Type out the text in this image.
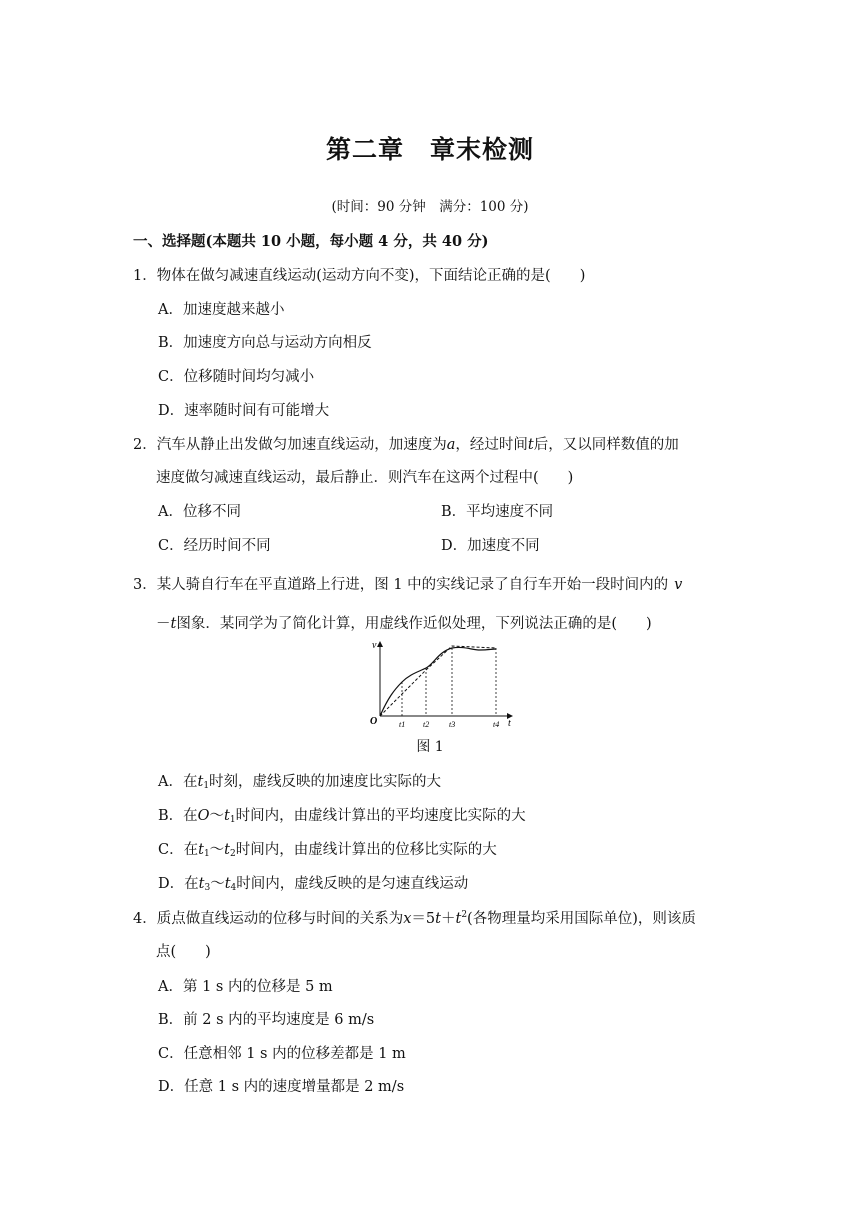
第二章　章末检测
(时间：90 分钟　满分：100 分)
一、选择题(本题共 10 小题，每小题 4 分，共 40 分)
1．物体在做匀减速直线运动(运动方向不变)，下面结论正确的是(　　)
A．加速度越来越小
B．加速度方向总与运动方向相反
C．位移随时间均匀减小
D．速率随时间有可能增大
2．汽车从静止出发做匀加速直线运动，加速度为a，经过时间t后，又以同样数值的加
速度做匀减速直线运动，最后静止．则汽车在这两个过程中(　　)
A．位移不同	B．平均速度不同
C．经历时间不同	D．加速度不同
3．某人骑自行车在平直道路上行进，图 1 中的实线记录了自行车开始一段时间内的 v
－t图象．某同学为了简化计算，用虚线作近似处理，下列说法正确的是(　　)
v
t
O	t1 t2 t3	t4
图 1
A．在$t_1$时刻，虚线反映的加速度比实际的大
B．在$O\sim t_1$时间内，由虚线计算出的平均速度比实际的大
C．在$t_1\sim t_2$时间内，由虚线计算出的位移比实际的大
D．在$t_3\sim t_4$时间内，虚线反映的是匀速直线运动
4．质点做直线运动的位移与时间的关系为$x=5t+t^2$(各物理量均采用国际单位)，则该质
点(　　)
A．第 1 s 内的位移是 5 m
B．前 2 s 内的平均速度是 6 m/s
C．任意相邻 1 s 内的位移差都是 1 m
D．任意 1 s 内的速度增量都是 2 m/s
